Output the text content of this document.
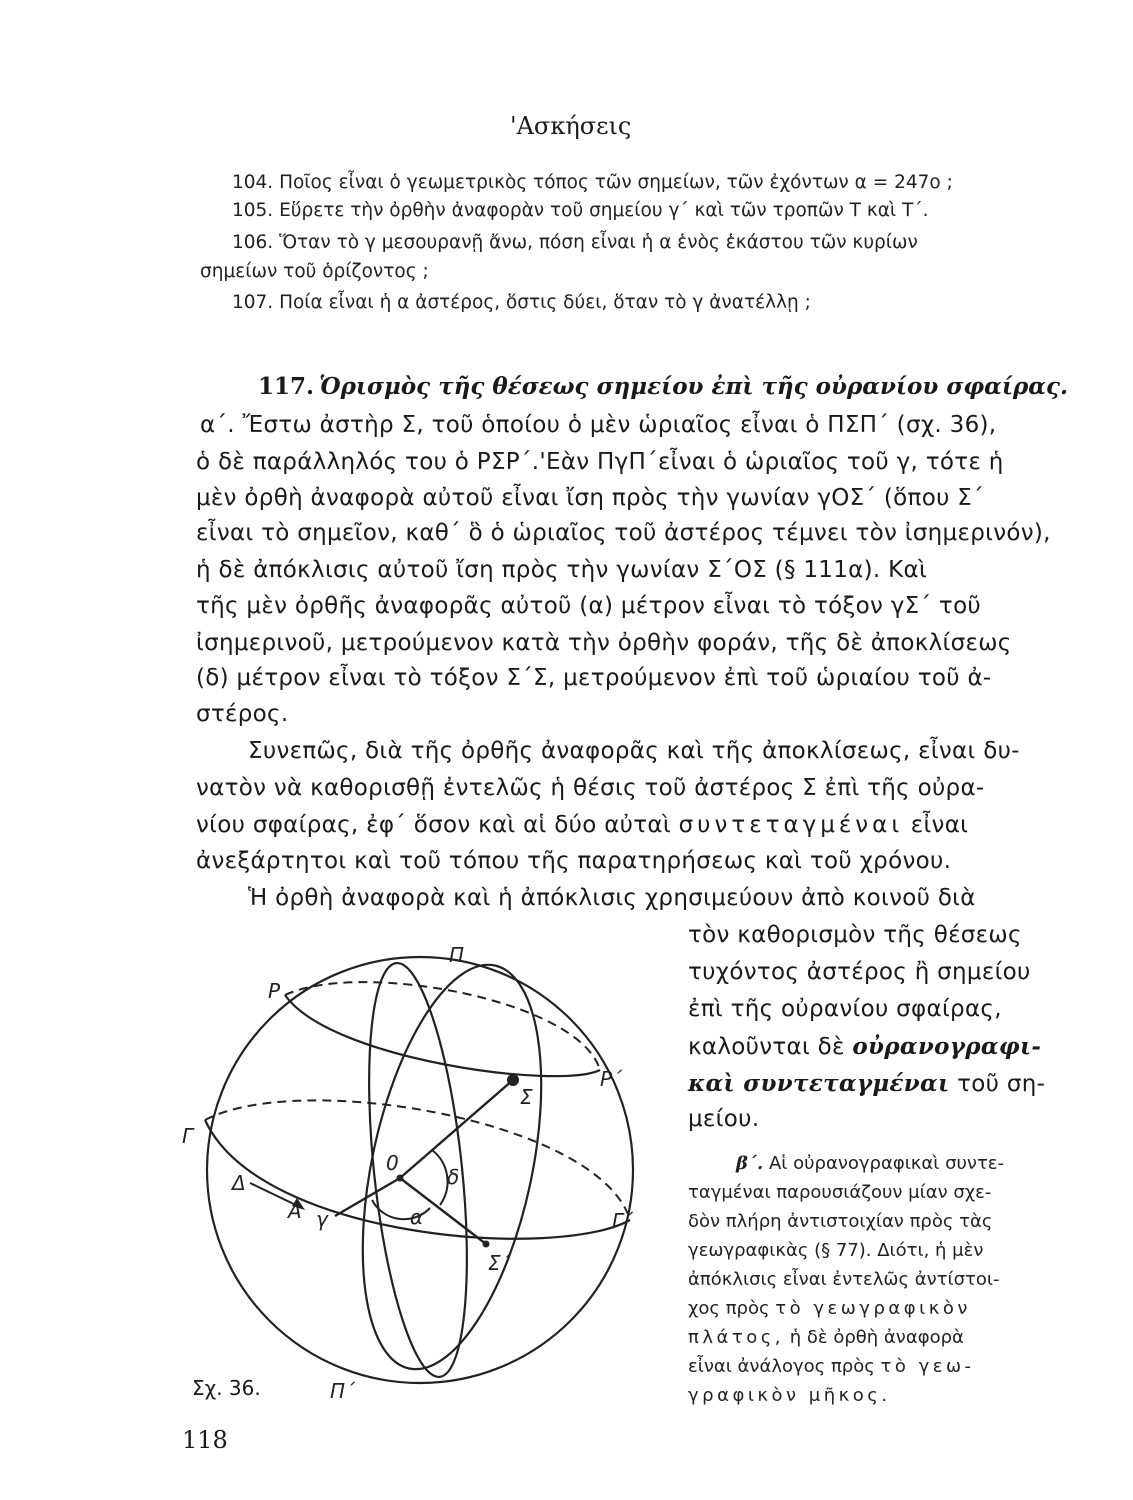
'Ασκήσεις
104. Ποῖος εἶναι ὁ γεωμετρικὸς τόπος τῶν σημείων, τῶν ἐχόντων α = 247ο ;
105. Εὕρετε τὴν ὀρθὴν ἀναφορὰν τοῦ σημείου γ΄ καὶ τῶν τροπῶν Τ καὶ Τ΄.
106. Ὅταν τὸ γ μεσουρανῇ ἄνω, πόση εἶναι ἡ α ἑνὸς ἑκάστου τῶν κυρίων
σημείων τοῦ ὁρίζοντος ;
107. Ποία εἶναι ἡ α ἀστέρος, ὅστις δύει, ὅταν τὸ γ ἀνατέλλῃ ;
117. Ὁρισμὸς τῆς θέσεως σημείου ἐπὶ τῆς οὐρανίου σφαίρας.
α΄. Ἔστω ἀστὴρ Σ, τοῦ ὁποίου ὁ μὲν ὡριαῖος εἶναι ὁ ΠΣΠ΄ (σχ. 36),
ὁ δὲ παράλληλός του ὁ ΡΣΡ΄.'Εὰν ΠγΠ΄εἶναι ὁ ὡριαῖος τοῦ γ, τότε ἡ
μὲν ὀρθὴ ἀναφορὰ αὐτοῦ εἶναι ἴση πρὸς τὴν γωνίαν γΟΣ΄ (ὅπου Σ΄
εἶναι τὸ σημεῖον, καθ΄ ὃ ὁ ὡριαῖος τοῦ ἀστέρος τέμνει τὸν ἰσημερινόν),
ἡ δὲ ἀπόκλισις αὐτοῦ ἴση πρὸς τὴν γωνίαν Σ΄ΟΣ (§ 111α). Καὶ
τῆς μὲν ὀρθῆς ἀναφορᾶς αὐτοῦ (α) μέτρον εἶναι τὸ τόξον γΣ΄ τοῦ
ἰσημερινοῦ, μετρούμενον κατὰ τὴν ὀρθὴν φοράν, τῆς δὲ ἀποκλίσεως
(δ) μέτρον εἶναι τὸ τόξον Σ΄Σ, μετρούμενον ἐπὶ τοῦ ὡριαίου τοῦ ἀ-
στέρος.
Συνεπῶς, διὰ τῆς ὀρθῆς ἀναφορᾶς καὶ τῆς ἀποκλίσεως, εἶναι δυ-
νατὸν νὰ καθορισθῇ ἐντελῶς ἡ θέσις τοῦ ἀστέρος Σ ἐπὶ τῆς οὐρα-
νίου σφαίρας, ἐφ΄ ὅσον καὶ αἱ δύο αὐταὶ συντεταγμέναι εἶναι
ἀνεξάρτητοι καὶ τοῦ τόπου τῆς παρατηρήσεως καὶ τοῦ χρόνου.
Ἡ ὀρθὴ ἀναφορὰ καὶ ἡ ἀπόκλισις χρησιμεύουν ἀπὸ κοινοῦ διὰ
τὸν καθορισμὸν τῆς θέσεως
τυχόντος ἀστέρος ἢ σημείου
ἐπὶ τῆς οὐρανίου σφαίρας,
καλοῦνται δὲ οὐρανογραφι-
καὶ συντεταγμέναι τοῦ ση-
μείου.
β΄. Αἱ οὐρανογραφικαὶ συντε-
ταγμέναι παρουσιάζουν μίαν σχε-
δὸν πλήρη ἀντιστοιχίαν πρὸς τὰς
γεωγραφικὰς (§ 77). Διότι, ἡ μὲν
ἀπόκλισις εἶναι ἐντελῶς ἀντίστοι-
χος πρὸς τὸ γεωγραφικὸν
πλάτος, ἡ δὲ ὀρθὴ ἀναφορὰ
εἶναι ἀνάλογος πρὸς τὸ γεω-
γραφικὸν μῆκος.
Π
Ρ
Ρ΄
Σ
Γ
0
δ
α
γ
Δ
Α
Σ΄
Γ΄
Π΄
Σχ. 36.
118
